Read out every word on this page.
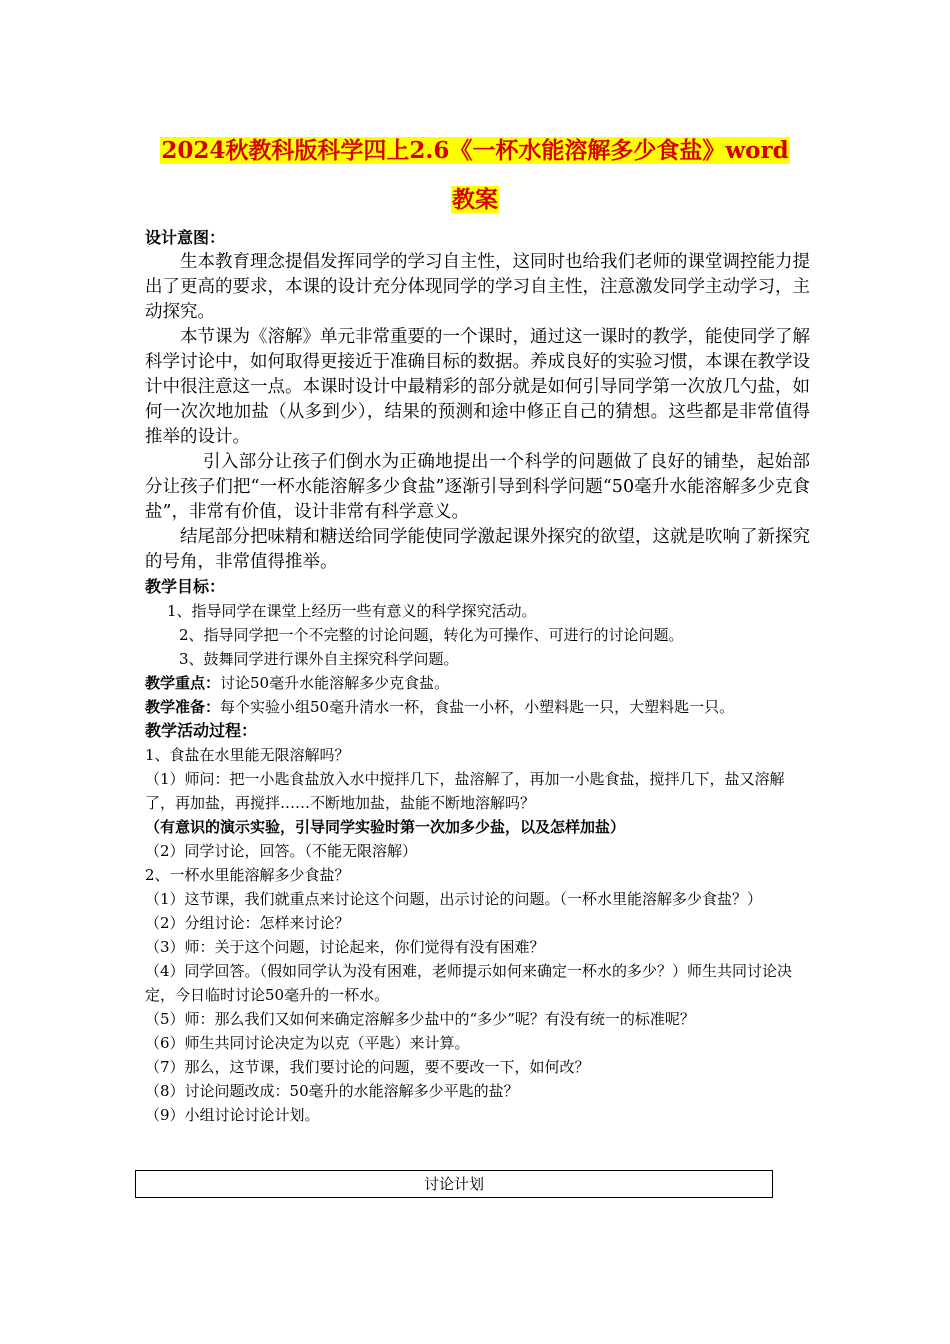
2024秋教科版科学四上2.6《一杯水能溶解多少食盐》word
教案
设计意图：
生本教育理念提倡发挥同学的学习自主性，这同时也给我们老师的课堂调控能力提出了更高的要求，本课的设计充分体现同学的学习自主性，注意激发同学主动学习，主动探究。
本节课为《溶解》单元非常重要的一个课时，通过这一课时的教学，能使同学了解科学讨论中，如何取得更接近于准确目标的数据。养成良好的实验习惯，本课在教学设计中很注意这一点。本课时设计中最精彩的部分就是如何引导同学第一次放几勺盐，如何一次次地加盐（从多到少），结果的预测和途中修正自己的猜想。这些都是非常值得推举的设计。
引入部分让孩子们倒水为正确地提出一个科学的问题做了良好的铺垫，起始部分让孩子们把“一杯水能溶解多少食盐”逐渐引导到科学问题“50毫升水能溶解多少克食盐”，非常有价值，设计非常有科学意义。
结尾部分把味精和糖送给同学能使同学激起课外探究的欲望，这就是吹响了新探究的号角，非常值得推举。
教学目标：
1、指导同学在课堂上经历一些有意义的科学探究活动。
2、指导同学把一个不完整的讨论问题，转化为可操作、可进行的讨论问题。
3、鼓舞同学进行课外自主探究科学问题。
教学重点：讨论50毫升水能溶解多少克食盐。
教学准备：每个实验小组50毫升清水一杯，食盐一小杯，小塑料匙一只，大塑料匙一只。
教学活动过程：
1、食盐在水里能无限溶解吗？
（1）师问：把一小匙食盐放入水中搅拌几下，盐溶解了，再加一小匙食盐，搅拌几下，盐又溶解了，再加盐，再搅拌……不断地加盐，盐能不断地溶解吗？
（有意识的演示实验，引导同学实验时第一次加多少盐，以及怎样加盐）
（2）同学讨论，回答。（不能无限溶解）
2、一杯水里能溶解多少食盐？
（1）这节课，我们就重点来讨论这个问题，出示讨论的问题。（一杯水里能溶解多少食盐？）
（2）分组讨论：怎样来讨论？
（3）师：关于这个问题，讨论起来，你们觉得有没有困难？
（4）同学回答。（假如同学认为没有困难，老师提示如何来确定一杯水的多少？）师生共同讨论决定，今日临时讨论50毫升的一杯水。
（5）师：那么我们又如何来确定溶解多少盐中的“多少”呢？有没有统一的标准呢？
（6）师生共同讨论决定为以克（平匙）来计算。
（7）那么，这节课，我们要讨论的问题，要不要改一下，如何改？
（8）讨论问题改成：50毫升的水能溶解多少平匙的盐？
（9）小组讨论讨论计划。
讨论计划
